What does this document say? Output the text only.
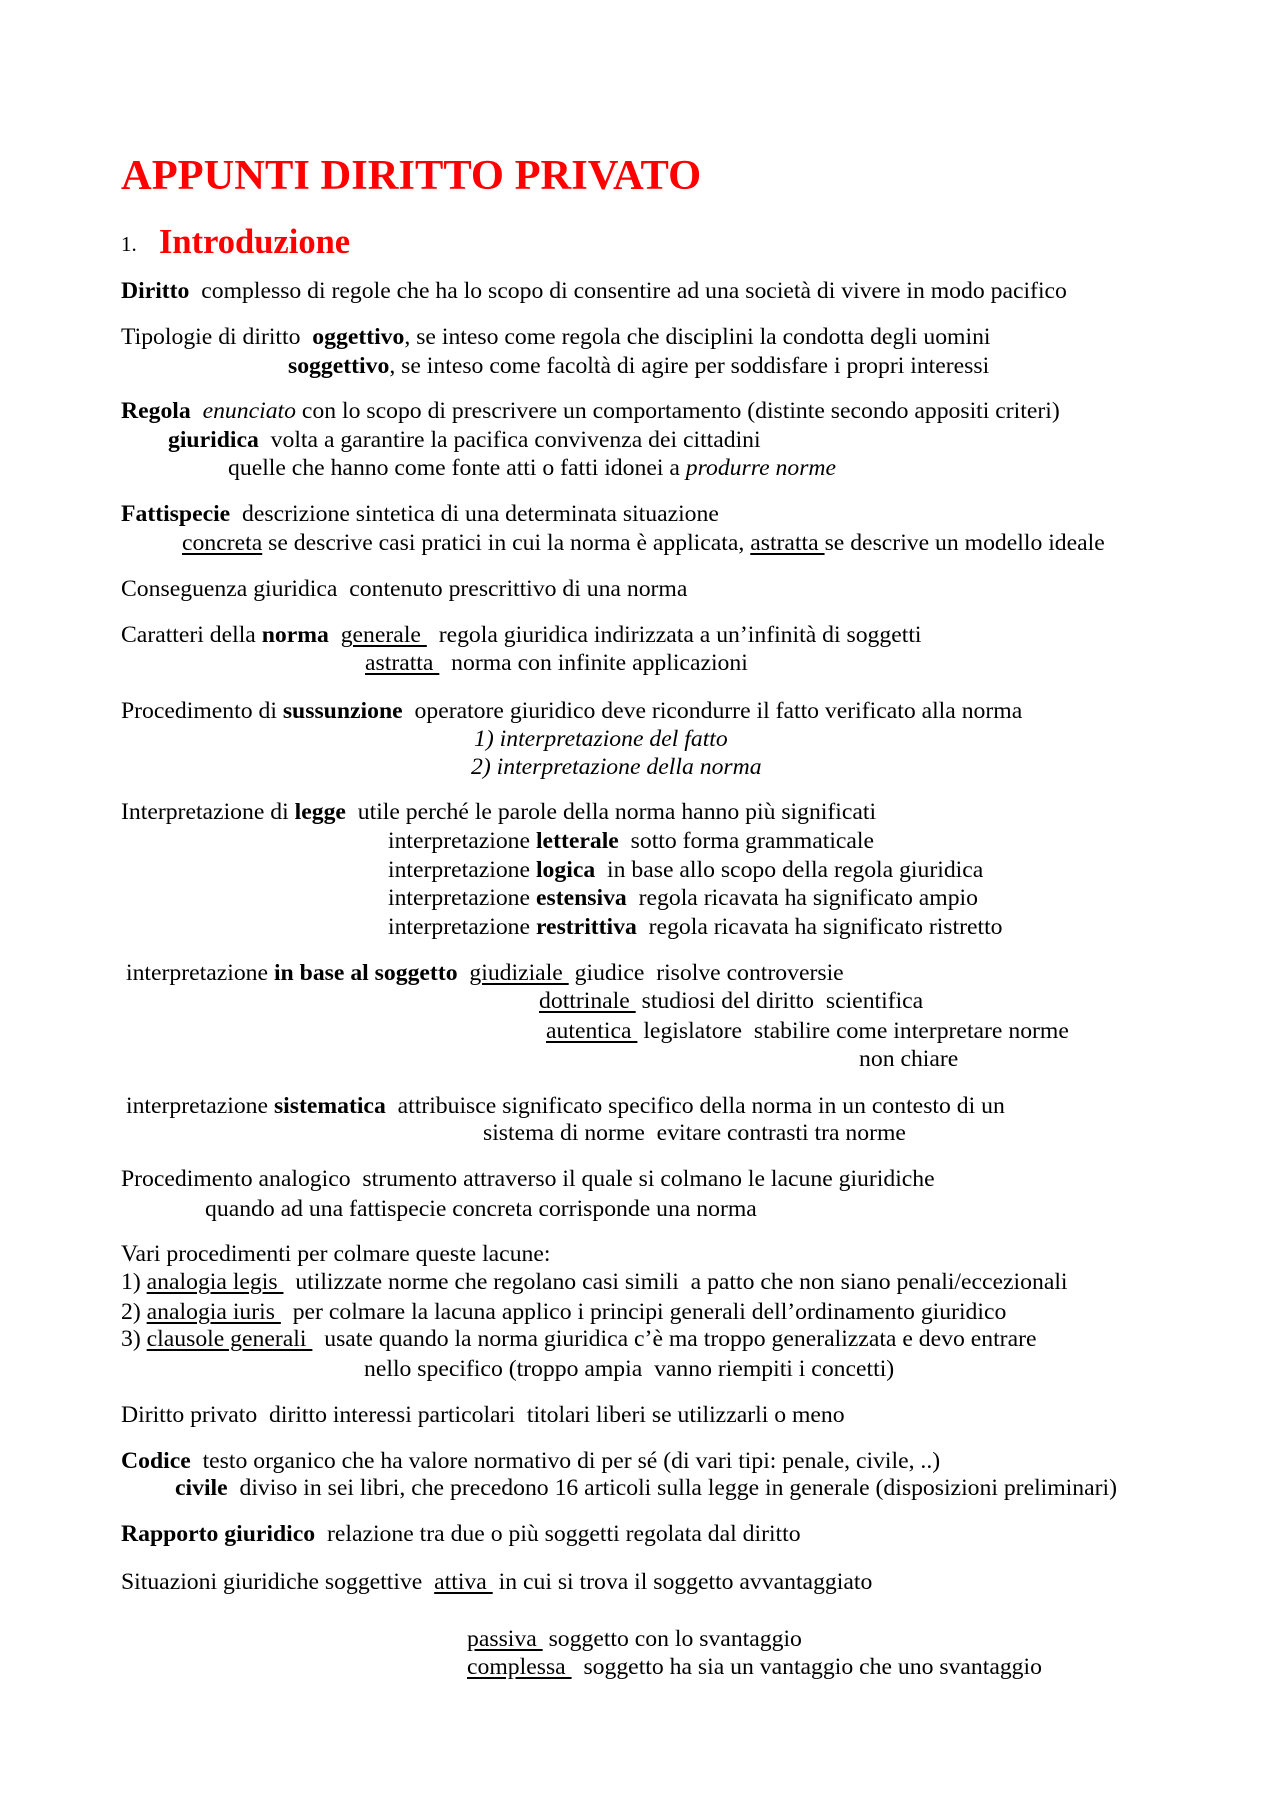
APPUNTI DIRITTO PRIVATO
1. Introduzione
Diritto  complesso di regole che ha lo scopo di consentire ad una società di vivere in modo pacifico
Tipologie di diritto  oggettivo, se inteso come regola che disciplini la condotta degli uomini
soggettivo, se inteso come facoltà di agire per soddisfare i propri interessi
Regola  enunciato con lo scopo di prescrivere un comportamento (distinte secondo appositi criteri)
giuridica  volta a garantire la pacifica convivenza dei cittadini
quelle che hanno come fonte atti o fatti idonei a produrre norme
Fattispecie  descrizione sintetica di una determinata situazione
concreta se descrive casi pratici in cui la norma è applicata, astratta se descrive un modello ideale
Conseguenza giuridica  contenuto prescrittivo di una norma
Caratteri della norma  generale   regola giuridica indirizzata a un’infinità di soggetti
astratta   norma con infinite applicazioni
Procedimento di sussunzione  operatore giuridico deve ricondurre il fatto verificato alla norma
1) interpretazione del fatto
2) interpretazione della norma
Interpretazione di legge  utile perché le parole della norma hanno più significati
interpretazione letterale  sotto forma grammaticale
interpretazione logica  in base allo scopo della regola giuridica
interpretazione estensiva  regola ricavata ha significato ampio
interpretazione restrittiva  regola ricavata ha significato ristretto
interpretazione in base al soggetto  giudiziale  giudice  risolve controversie
dottrinale  studiosi del diritto  scientifica
autentica  legislatore  stabilire come interpretare norme
non chiare
interpretazione sistematica  attribuisce significato specifico della norma in un contesto di un
sistema di norme  evitare contrasti tra norme
Procedimento analogico  strumento attraverso il quale si colmano le lacune giuridiche
quando ad una fattispecie concreta corrisponde una norma
Vari procedimenti per colmare queste lacune:
1) analogia legis   utilizzate norme che regolano casi simili  a patto che non siano penali/eccezionali
2) analogia iuris   per colmare la lacuna applico i principi generali dell’ordinamento giuridico
3) clausole generali   usate quando la norma giuridica c’è ma troppo generalizzata e devo entrare
nello specifico (troppo ampia  vanno riempiti i concetti)
Diritto privato  diritto interessi particolari  titolari liberi se utilizzarli o meno
Codice  testo organico che ha valore normativo di per sé (di vari tipi: penale, civile, ..)
civile  diviso in sei libri, che precedono 16 articoli sulla legge in generale (disposizioni preliminari)
Rapporto giuridico  relazione tra due o più soggetti regolata dal diritto
Situazioni giuridiche soggettive  attiva  in cui si trova il soggetto avvantaggiato
passiva  soggetto con lo svantaggio
complessa   soggetto ha sia un vantaggio che uno svantaggio
